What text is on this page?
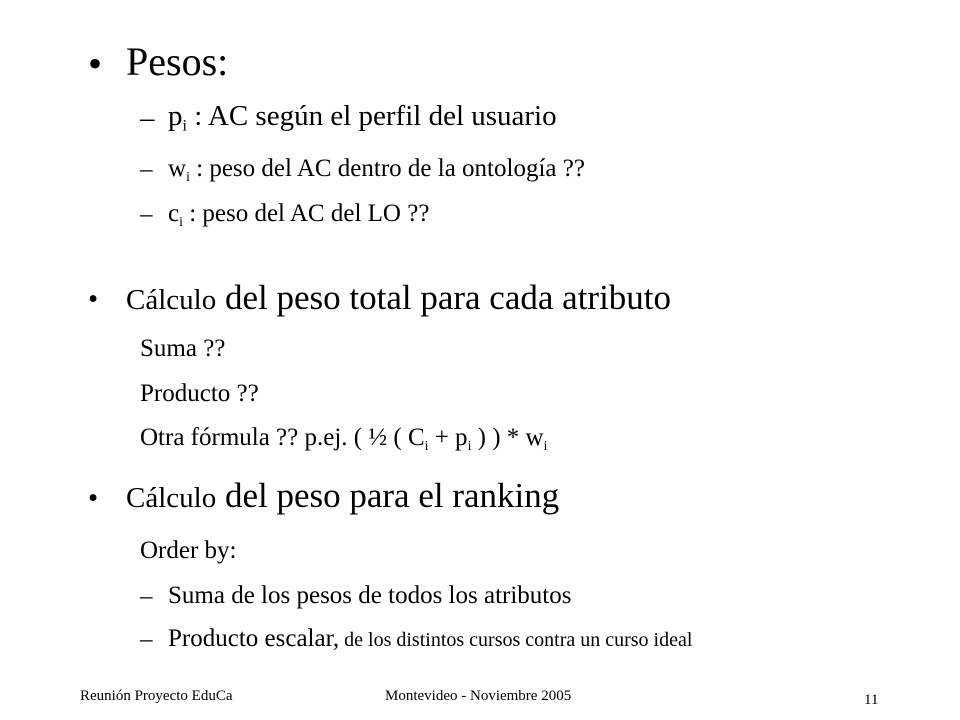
• Pesos:
– $p_i$ : AC según el perfil del usuario
– $w_i$ : peso del AC dentro de la ontología ??
– $c_i$ : peso del AC del LO ??
• Cálculo del peso total para cada atributo
Suma ??
Producto ??
Otra fórmula ?? p.ej. ( ½ ( $C_i + p_i$ ) ) * $w_i$
• Cálculo del peso para el ranking
Order by:
– Suma de los pesos de todos los atributos
– Producto escalar, de los distintos cursos contra un curso ideal
Reunión Proyecto EduCa	Montevideo - Noviembre 2005	11
